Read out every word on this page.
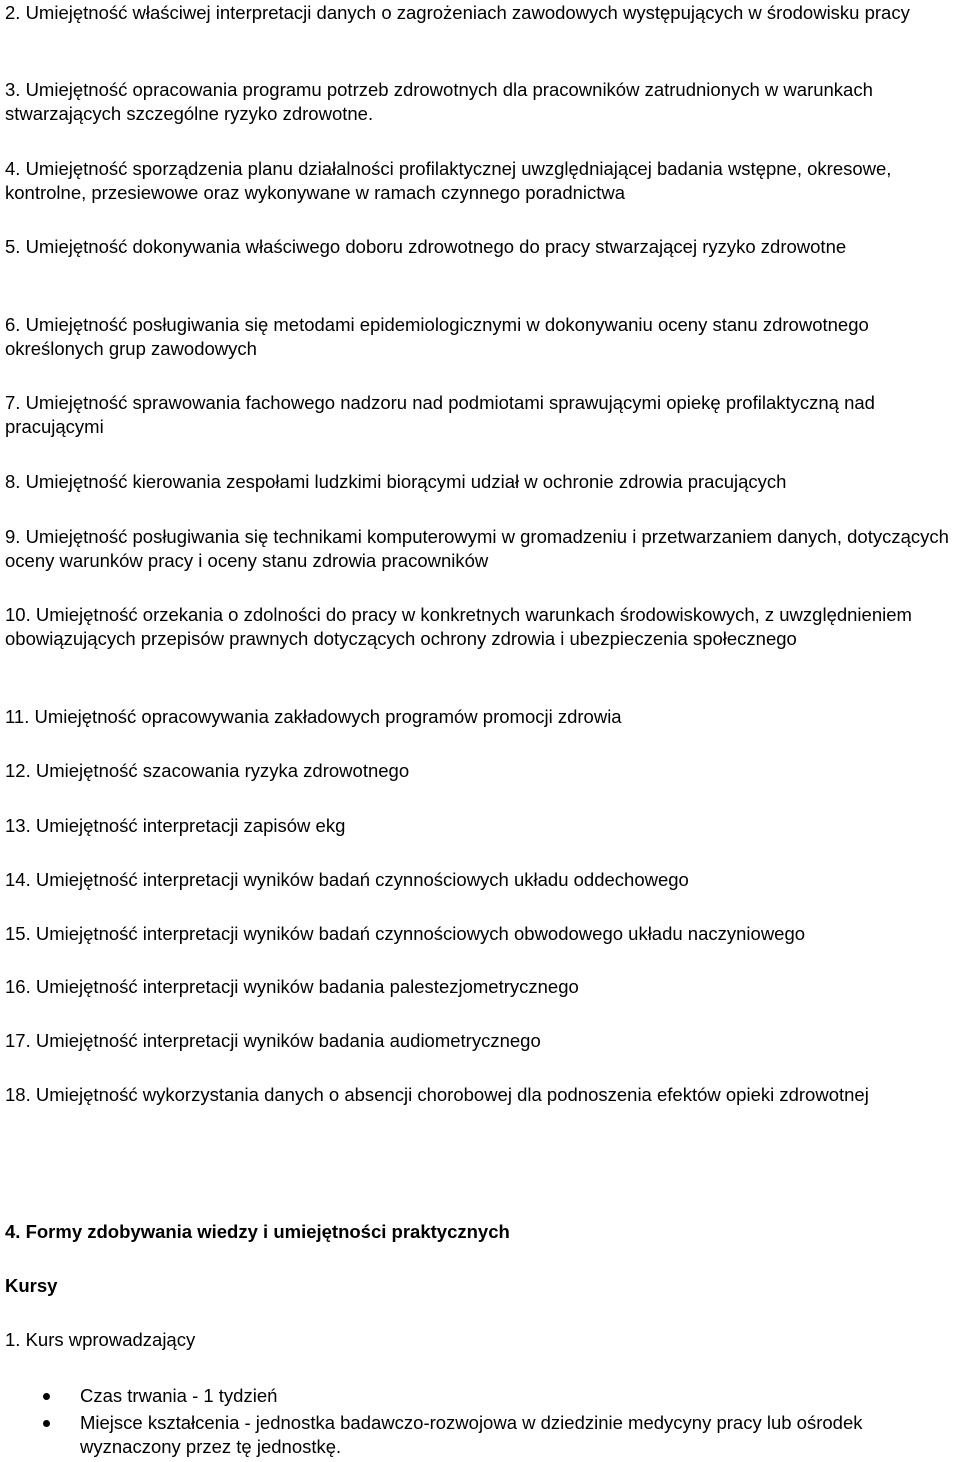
2. Umiejętność właściwej interpretacji danych o zagrożeniach zawodowych występujących w środowisku pracy

3. Umiejętność opracowania programu potrzeb zdrowotnych dla pracowników zatrudnionych w warunkach stwarzających szczególne ryzyko zdrowotne.

4. Umiejętność sporządzenia planu działalności profilaktycznej uwzględniającej badania wstępne, okresowe, kontrolne, przesiewowe oraz wykonywane w ramach czynnego poradnictwa

5. Umiejętność dokonywania właściwego doboru zdrowotnego do pracy stwarzającej ryzyko zdrowotne

6. Umiejętność posługiwania się metodami epidemiologicznymi w dokonywaniu oceny stanu zdrowotnego określonych grup zawodowych

7. Umiejętność sprawowania fachowego nadzoru nad podmiotami sprawującymi opiekę profilaktyczną nad pracującymi

8. Umiejętność kierowania zespołami ludzkimi biorącymi udział w ochronie zdrowia pracujących

9. Umiejętność posługiwania się technikami komputerowymi w gromadzeniu i przetwarzaniem danych, dotyczących oceny warunków pracy i oceny stanu zdrowia pracowników

10. Umiejętność orzekania o zdolności do pracy w konkretnych warunkach środowiskowych, z uwzględnieniem obowiązujących przepisów prawnych dotyczących ochrony zdrowia i ubezpieczenia społecznego

11. Umiejętność opracowywania zakładowych programów promocji zdrowia

12. Umiejętność szacowania ryzyka zdrowotnego

13. Umiejętność interpretacji zapisów ekg

14. Umiejętność interpretacji wyników badań czynnościowych układu oddechowego

15. Umiejętność interpretacji wyników badań czynnościowych obwodowego układu naczyniowego

16. Umiejętność interpretacji wyników badania palestezjometrycznego

17. Umiejętność interpretacji wyników badania audiometrycznego

18. Umiejętność wykorzystania danych o absencji chorobowej dla podnoszenia efektów opieki zdrowotnej

4. Formy zdobywania wiedzy i umiejętności praktycznych
Kursy
1. Kurs wprowadzający
Czas trwania - 1 tydzień
Miejsce kształcenia - jednostka badawczo-rozwojowa w dziedzinie medycyny pracy lub ośrodek wyznaczony przez tę jednostkę.
